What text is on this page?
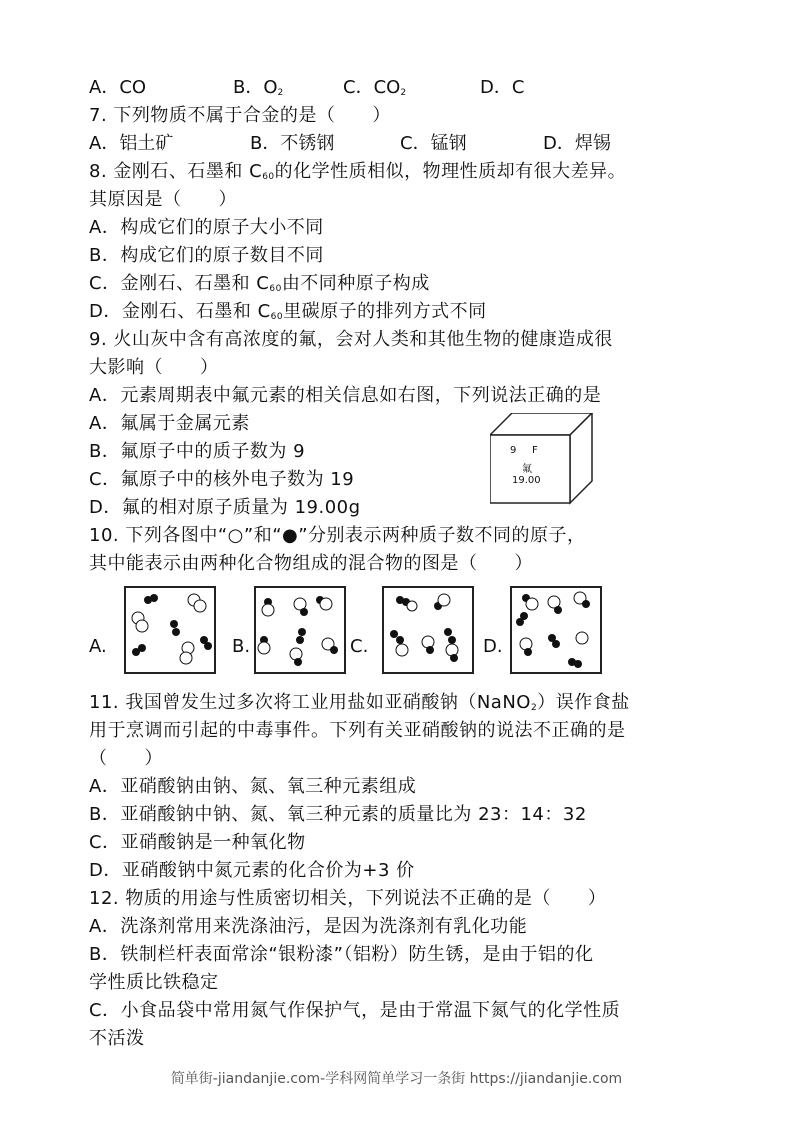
A．CO	B．$O_2$	C．$CO_2$	D．C
7. 下列物质不属于合金的是（　　）
A．铝土矿	B．不锈钢	C．锰钢	D．焊锡
8. 金刚石、石墨和 $C_{60}$的化学性质相似，物理性质却有很大差异。
其原因是（　　）
A．构成它们的原子大小不同
B．构成它们的原子数目不同
C．金刚石、石墨和 $C_{60}$由不同种原子构成
D．金刚石、石墨和 $C_{60}$里碳原子的排列方式不同
9. 火山灰中含有高浓度的氟，会对人类和其他生物的健康造成很
大影响（　　）
A．元素周期表中氟元素的相关信息如右图，下列说法正确的是
A．氟属于金属元素
B．氟原子中的质子数为 9
C．氟原子中的核外电子数为 19
D．氟的相对原子质量为 19.00g
9 F
氟
19.00
10. 下列各图中“○”和“●”分别表示两种质子数不同的原子，
其中能表示由两种化合物组成的混合物的图是（　　）
A.	B.	C.	D.
11. 我国曾发生过多次将工业用盐如亚硝酸钠（NaNO$_2$）误作食盐
用于烹调而引起的中毒事件。下列有关亚硝酸钠的说法不正确的是
（　　）
A．亚硝酸钠由钠、氮、氧三种元素组成
B．亚硝酸钠中钠、氮、氧三种元素的质量比为 23：14：32
C．亚硝酸钠是一种氧化物
D．亚硝酸钠中氮元素的化合价为+3 价
12. 物质的用途与性质密切相关，下列说法不正确的是（　　）
A．洗涤剂常用来洗涤油污，是因为洗涤剂有乳化功能
B．铁制栏杆表面常涂“银粉漆”（铝粉）防生锈，是由于铝的化
学性质比铁稳定
C．小食品袋中常用氮气作保护气，是由于常温下氮气的化学性质
不活泼
简单街-jiandanjie.com-学科网简单学习一条街 https://jiandanjie.com
